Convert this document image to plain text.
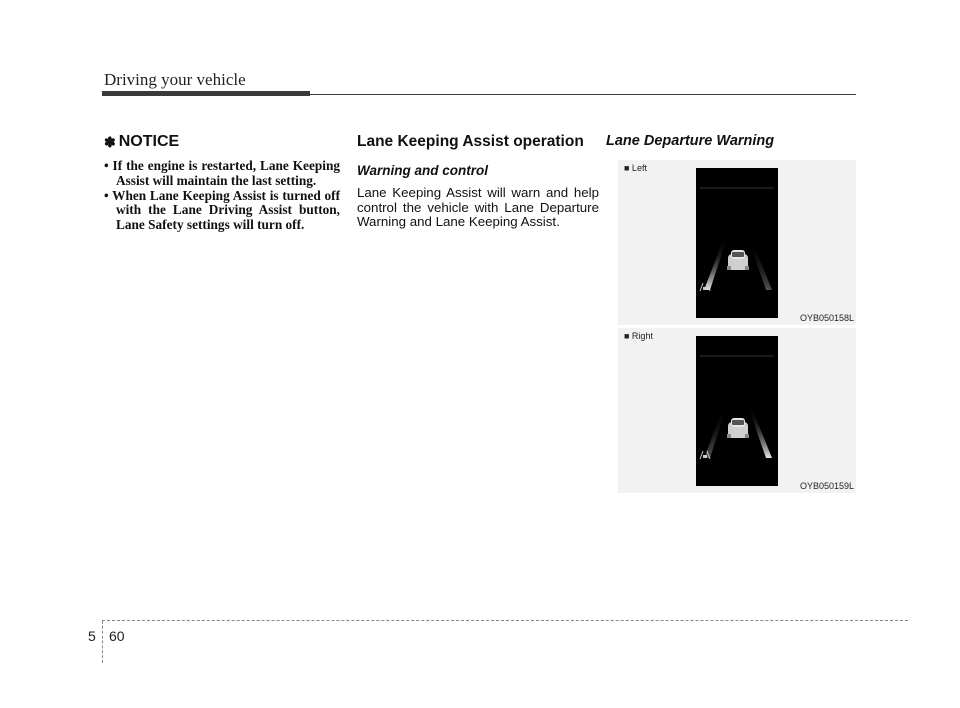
Driving your vehicle
✽ NOTICE
• If the engine is restarted, Lane Keeping Assist will maintain the last setting.
• When Lane Keeping Assist is turned off with the Lane Driving Assist button, Lane Safety settings will turn off.
Lane Keeping Assist operation
Warning and control

Lane Keeping Assist will warn and help control the vehicle with Lane Departure Warning and Lane Keeping Assist.

Lane Departure Warning
■ Left
OYB050158L
■ Right
OYB050159L
5 60
